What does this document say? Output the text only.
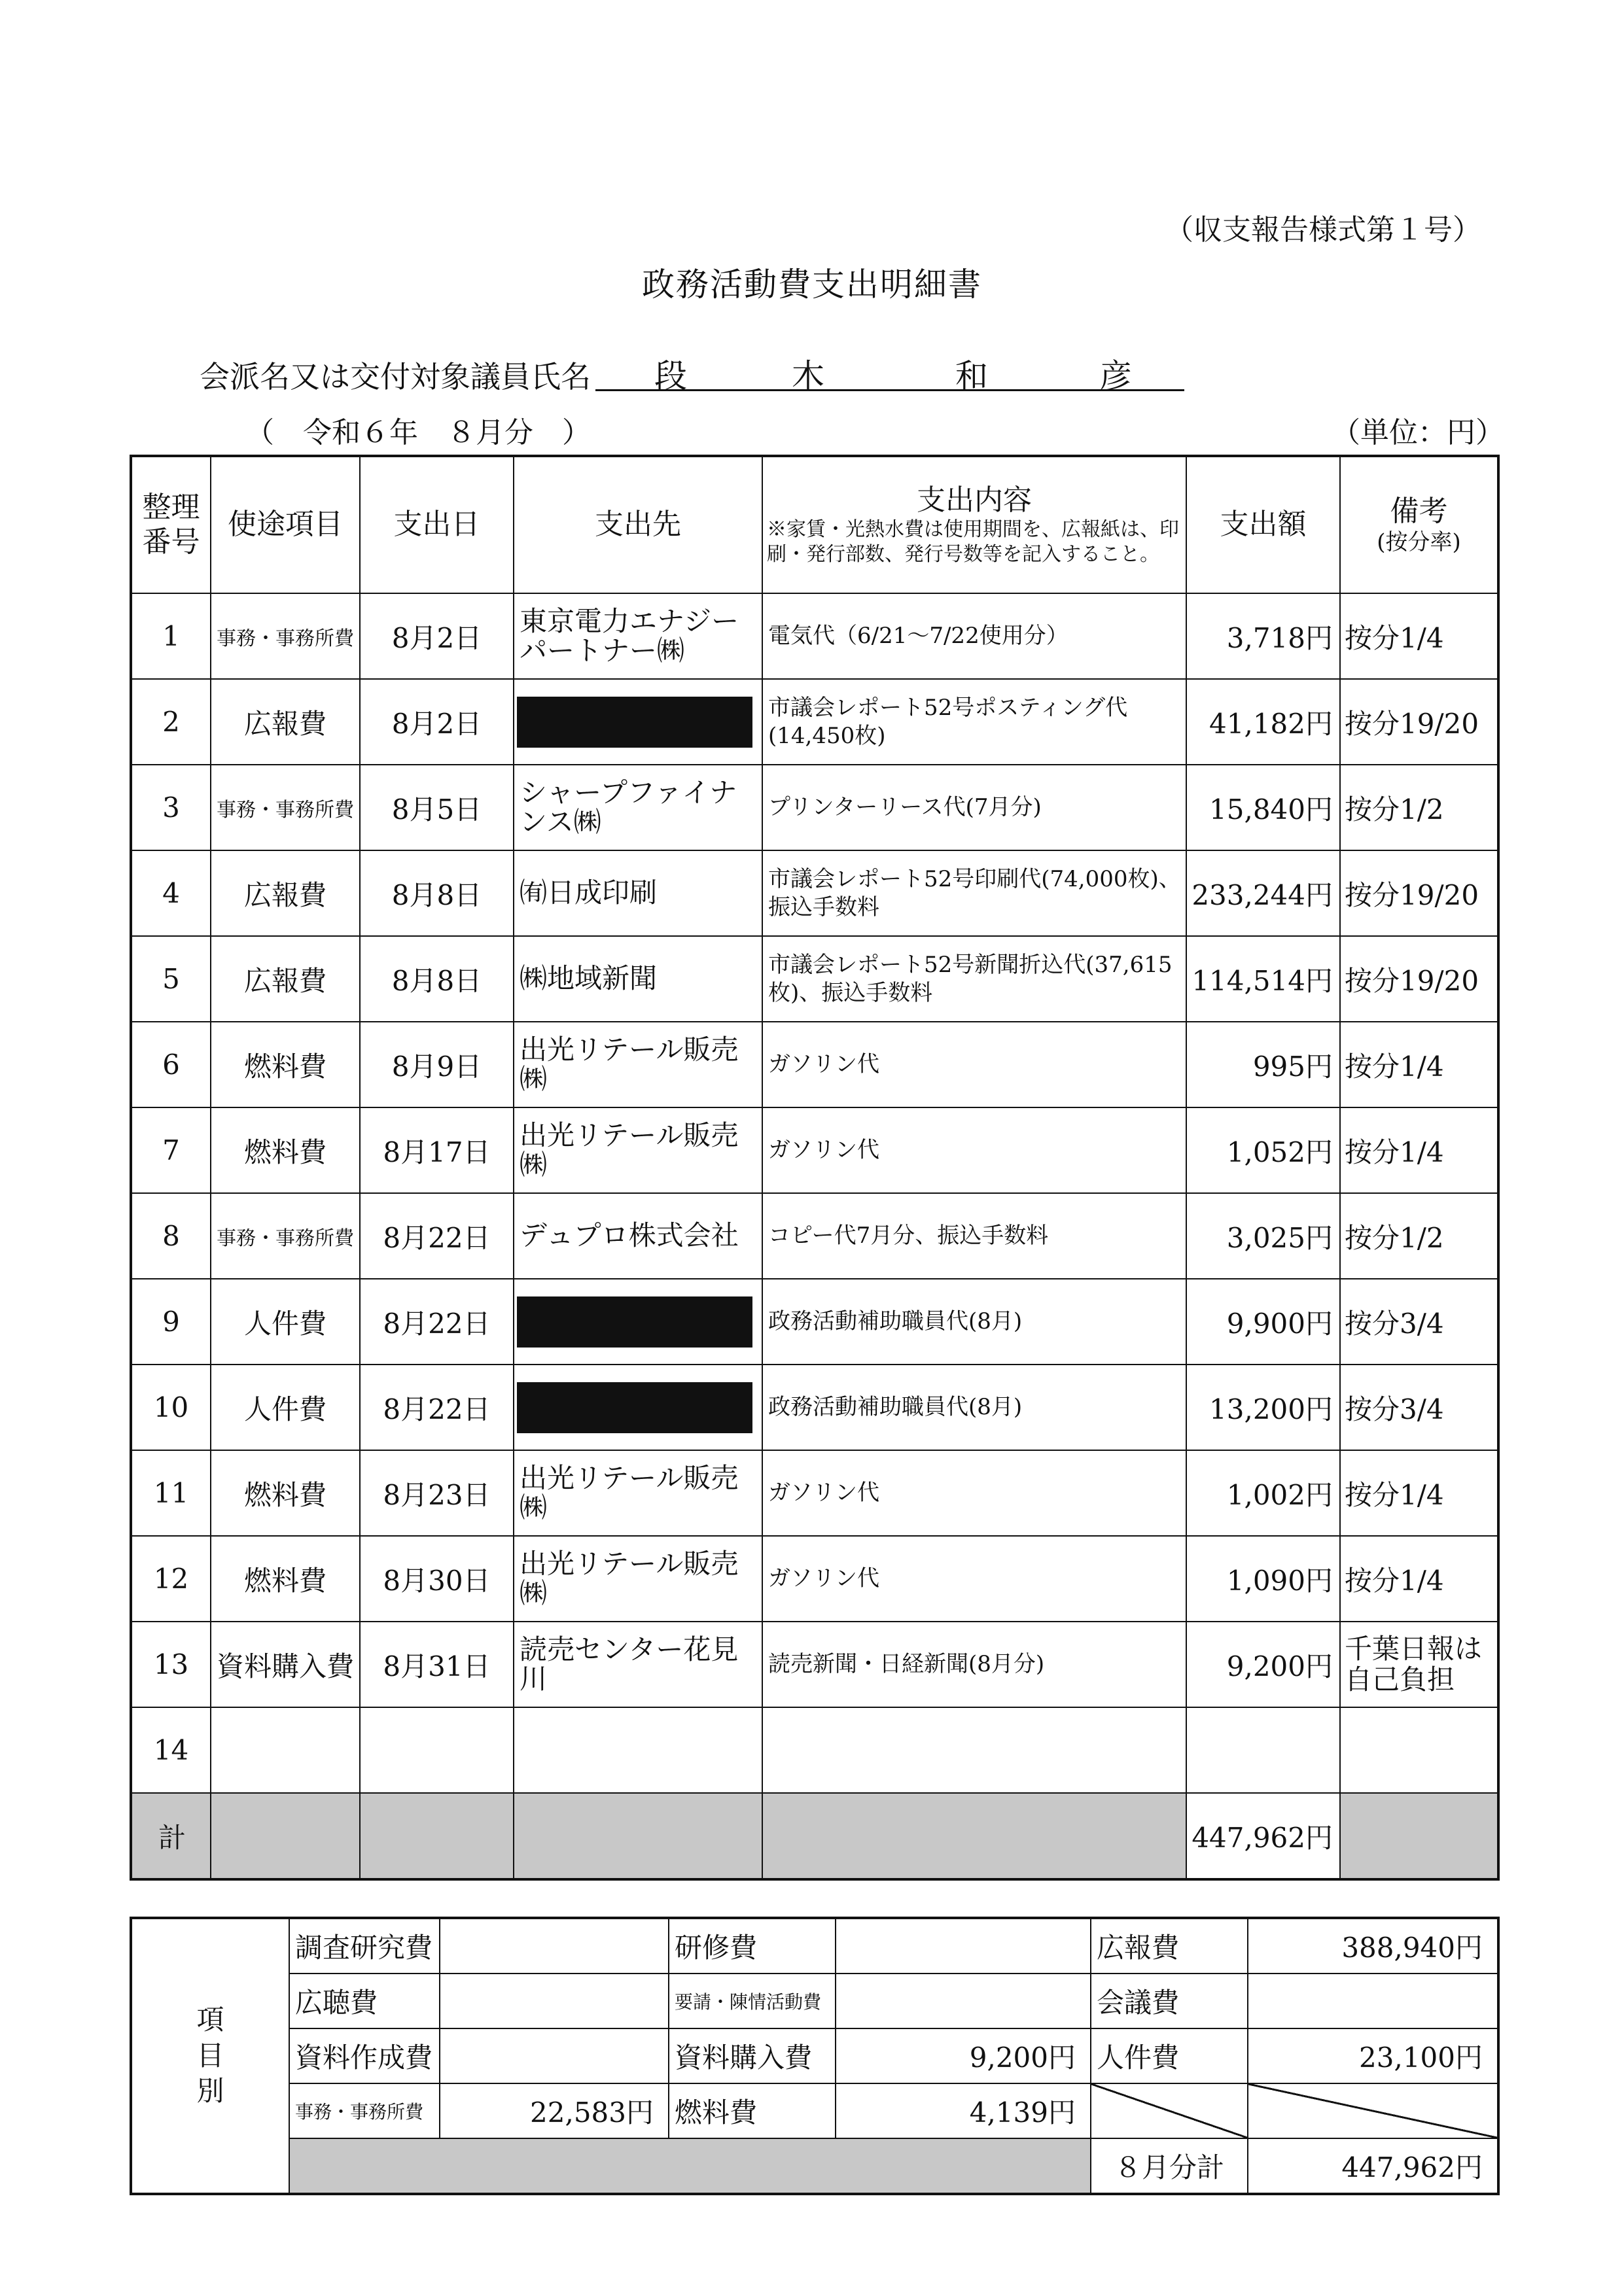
（収支報告様式第１号）
政務活動費支出明細書
会派名又は交付対象議員氏名 段	木	和	彦
（　令和６年　８月分　）	（単位：円）
整理番号	使途項目	支出日	支出先	支出内容
※家賃・光熱水費は使用期間を、広報紙は、印刷・発行部数、発行号数等を記入すること。	支出額	備考
(按分率)

1	事務・事務所費	8月2日	東京電力エナジーパートナー㈱	電気代（6/21～7/22使用分）	3,718円	按分1/4
2	広報費	8月2日		市議会レポート52号ポスティング代(14,450枚)	41,182円	按分19/20
3	事務・事務所費	8月5日	シャープファイナンス㈱	プリンターリース代(7月分)	15,840円	按分1/2
4	広報費	8月8日	㈲日成印刷	市議会レポート52号印刷代(74,000枚)、振込手数料	233,244円	按分19/20
5	広報費	8月8日	㈱地域新聞	市議会レポート52号新聞折込代(37,615枚)、振込手数料	114,514円	按分19/20
6	燃料費	8月9日	出光リテール販売㈱	ガソリン代	995円	按分1/4
7	燃料費	8月17日	出光リテール販売㈱	ガソリン代	1,052円	按分1/4
8	事務・事務所費	8月22日	デュプロ株式会社	コピー代7月分、振込手数料	3,025円	按分1/2
9	人件費	8月22日		政務活動補助職員代(8月)	9,900円	按分3/4
10	人件費	8月22日		政務活動補助職員代(8月)	13,200円	按分3/4
11	燃料費	8月23日	出光リテール販売㈱	ガソリン代	1,002円	按分1/4
12	燃料費	8月30日	出光リテール販売㈱	ガソリン代	1,090円	按分1/4
13	資料購入費	8月31日	読売センター花見川	読売新聞・日経新聞(8月分)	9,200円	千葉日報は自己負担
14						
計					447,962円	
項目別	調査研究費		研修費		広報費	388,940円
	広聴費		要請・陳情活動費		会議費	
	資料作成費		資料購入費	9,200円	人件費	23,100円
	事務・事務所費	22,583円	燃料費	4,139円		
					８月分計	447,962円
